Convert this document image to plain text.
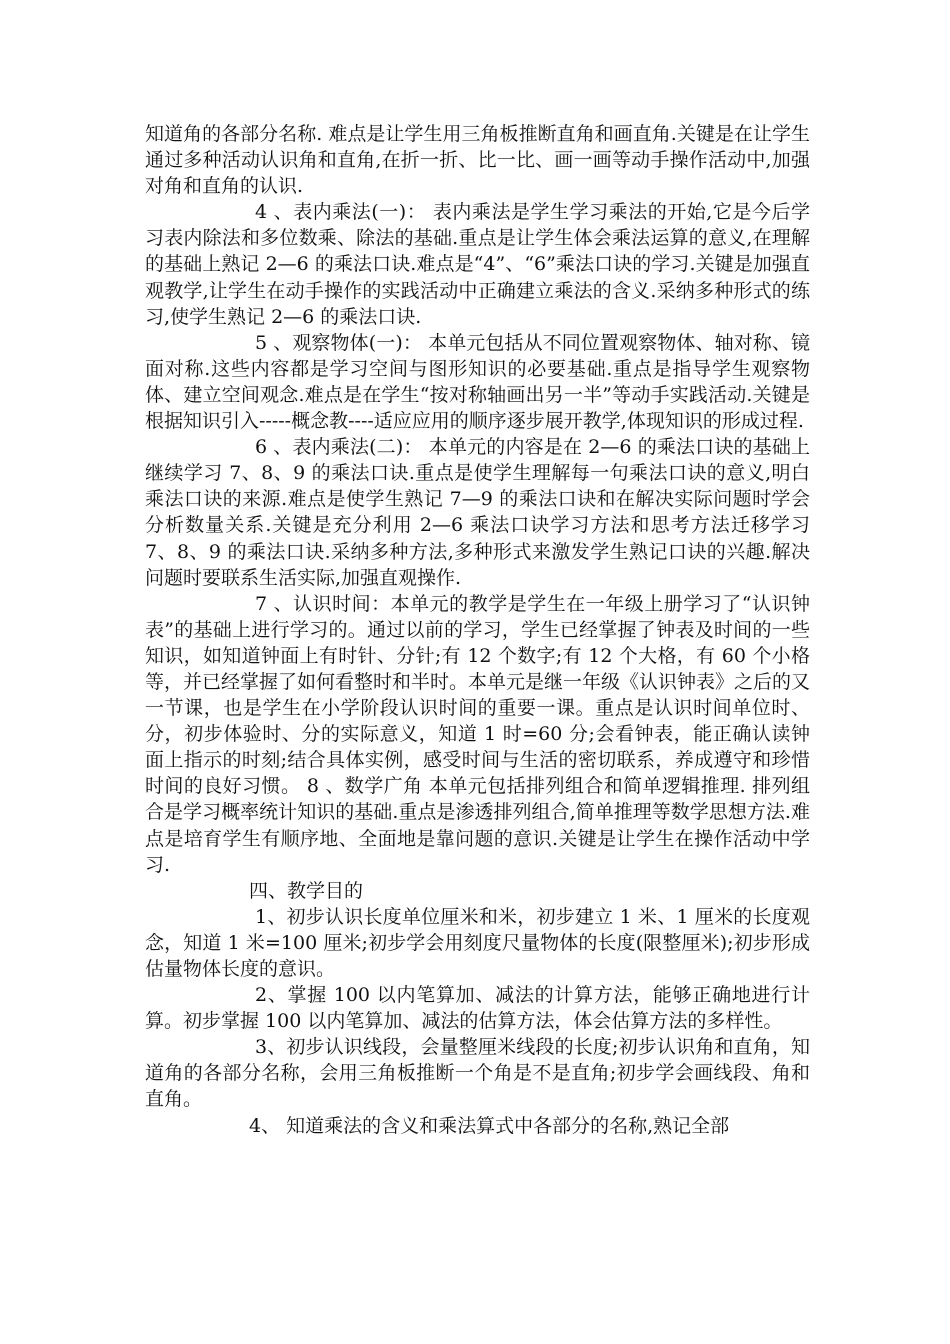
知道角的各部分名称. 难点是让学生用三角板推断直角和画直角.关键是在让学生通过多种活动认识角和直角,在折一折、比一比、画一画等动手操作活动中,加强对角和直角的认识.

4 、表内乘法(一)： 表内乘法是学生学习乘法的开始,它是今后学习表内除法和多位数乘、除法的基础.重点是让学生体会乘法运算的意义,在理解的基础上熟记 2—6 的乘法口诀.难点是“4”、“6”乘法口诀的学习.关键是加强直观教学,让学生在动手操作的实践活动中正确建立乘法的含义.采纳多种形式的练习,使学生熟记 2—6 的乘法口诀.

5 、观察物体(一)： 本单元包括从不同位置观察物体、轴对称、镜面对称.这些内容都是学习空间与图形知识的必要基础.重点是指导学生观察物体、建立空间观念.难点是在学生“按对称轴画出另一半”等动手实践活动.关键是根据知识引入-----概念教----适应应用的顺序逐步展开教学,体现知识的形成过程.

6 、表内乘法(二)： 本单元的内容是在 2—6 的乘法口诀的基础上继续学习 7、8、9 的乘法口诀.重点是使学生理解每一句乘法口诀的意义,明白乘法口诀的来源.难点是使学生熟记 7—9 的乘法口诀和在解决实际问题时学会分析数量关系.关键是充分利用 2—6 乘法口诀学习方法和思考方法迁移学习 7、8、9 的乘法口诀.采纳多种方法,多种形式来激发学生熟记口诀的兴趣.解决问题时要联系生活实际,加强直观操作.

7 、认识时间：本单元的教学是学生在一年级上册学习了“认识钟表”的基础上进行学习的。通过以前的学习，学生已经掌握了钟表及时间的一些知识，如知道钟面上有时针、分针;有 12 个数字;有 12 个大格，有 60 个小格等，并已经掌握了如何看整时和半时。本单元是继一年级《认识钟表》之后的又一节课，也是学生在小学阶段认识时间的重要一课。重点是认识时间单位时、分，初步体验时、分的实际意义，知道 1 时=60 分;会看钟表，能正确认读钟面上指示的时刻;结合具体实例，感受时间与生活的密切联系，养成遵守和珍惜时间的良好习惯。 8 、数学广角 本单元包括排列组合和简单逻辑推理. 排列组合是学习概率统计知识的基础.重点是渗透排列组合,简单推理等数学思想方法.难点是培育学生有顺序地、全面地是靠问题的意识.关键是让学生在操作活动中学习.

四、教学目的

1、初步认识长度单位厘米和米，初步建立 1 米、1 厘米的长度观念，知道 1 米=100 厘米;初步学会用刻度尺量物体的长度(限整厘米);初步形成估量物体长度的意识。

2、掌握 100 以内笔算加、减法的计算方法，能够正确地进行计算。初步掌握 100 以内笔算加、减法的估算方法，体会估算方法的多样性。

3、初步认识线段，会量整厘米线段的长度;初步认识角和直角，知道角的各部分名称，会用三角板推断一个角是不是直角;初步学会画线段、角和直角。

4、 知道乘法的含义和乘法算式中各部分的名称,熟记全部
